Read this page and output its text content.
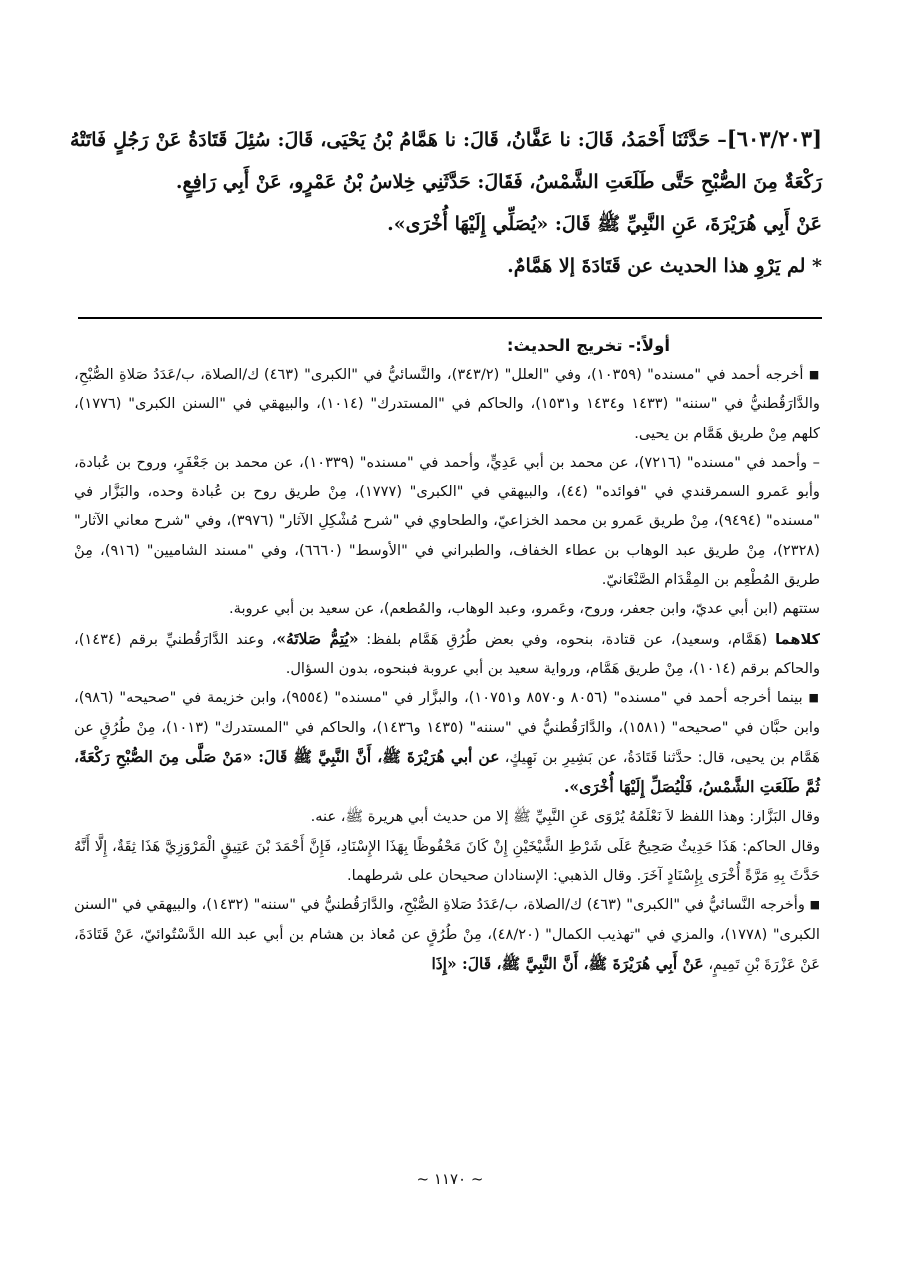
[٦٠٣/٢٠٣]– حَدَّثَنَا أَحْمَدُ، قَالَ: نا عَفَّانُ، قَالَ: نا هَمَّامُ بْنُ يَحْيَى، قَالَ: سُئِلَ قَتَادَةُ عَنْ رَجُلٍ فَاتَتْهُ رَكْعَةٌ مِنَ الصُّبْحِ حَتَّى طَلَعَتِ الشَّمْسُ، فَقَالَ: حَدَّثَنِي خِلاسُ بْنُ عَمْرٍو، عَنْ أَبِي رَافِعٍ.

عَنْ أَبِي هُرَيْرَةَ، عَنِ النَّبِيِّ ﷺ قَالَ: «يُصَلِّي إِلَيْهَا أُخْرَى».

* لم يَرْوِ هذا الحديث عن قَتَادَةَ إلا هَمَّامٌ.

أولاً:- تخريج الحديث:

■ أخرجه أحمد في "مسنده" (١٠٣٥٩)، وفي "العلل" (٣٤٣/٢)، والنَّسائيُّ في "الكبرى" (٤٦٣) ك/الصلاة، ب/عَدَدُ صَلاةِ الصُّبْحِ، والدَّارَقُطنيُّ في "سننه" (١٤٣٣ و١٤٣٤ و١٥٣١)، والحاكم في "المستدرك" (١٠١٤)، والبيهقي في "السنن الكبرى" (١٧٧٦)، كلهم مِنْ طريق هَمَّام بن يحيى.

– وأحمد في "مسنده" (٧٢١٦)، عن محمد بن أبي عَدِيٍّ، وأحمد في "مسنده" (١٠٣٣٩)، عن محمد بن جَعْفَرٍ، وروح بن عُبادة، وأبو عَمرو السمرقندي في "فوائده" (٤٤)، والبيهقي في "الكبرى" (١٧٧٧)، مِنْ طريق روح بن عُبادة وحده، والبَزَّار في "مسنده" (٩٤٩٤)، مِنْ طريق عَمرو بن محمد الخزاعيّ، والطحاوي في "شرح مُشْكِلِ الآثار" (٣٩٧٦)، وفي "شرح معاني الآثار" (٢٣٢٨)، مِنْ طريق عبد الوهاب بن عطاء الخفاف، والطبراني في "الأوسط" (٦٦٦٠)، وفي "مسند الشاميين" (٩١٦)، مِنْ طريق المُطْعِم بن المِقْدَام الصَّنْعَانيّ.

ستتهم (ابن أبي عديّ، وابن جعفر، وروح، وعَمرو، وعبد الوهاب، والمُطعم)، عن سعيد بن أبي عروبة.

كلاهما (هَمَّام، وسعيد)، عن قتادة، بنحوه، وفي بعض طُرُقِ هَمَّام بلفظ: «يُتِمُّ صَلاتَهُ»، وعند الدَّارَقُطنيِّ برقم (١٤٣٤)، والحاكم برقم (١٠١٤)، مِنْ طريق هَمَّام، ورواية سعيد بن أبي عروبة فبنحوه، بدون السؤال.

■ بينما أخرجه أحمد في "مسنده" (٨٠٥٦ و٨٥٧٠ و١٠٧٥١)، والبزَّار في "مسنده" (٩٥٥٤)، وابن خزيمة في "صحيحه" (٩٨٦)، وابن حبَّان في "صحيحه" (١٥٨١)، والدَّارَقُطنيُّ في "سننه" (١٤٣٥ و١٤٣٦)، والحاكم في "المستدرك" (١٠١٣)، مِنْ طُرُقٍ عن هَمَّام بن يحيى، قال: حدَّثنا قَتَادَةُ، عن بَشِيرِ بن نَهِيكٍ، عن أبي هُرَيْرَةَ ﷺ، أَنَّ النَّبِيَّ ﷺ قَالَ: «مَنْ صَلَّى مِنَ الصُّبْحِ رَكْعَةً، ثُمَّ طَلَعَتِ الشَّمْسُ، فَلْيُصَلِّ إِلَيْهَا أُخْرَى».

وقال البَزَّار: وهذا اللفظ لاَ نَعْلَمُهُ يُرْوَى عَنِ النَّبِيِّ ﷺ إلا من حديث أبي هريرة ﷺ، عنه.

وقال الحاكم: هَذَا حَدِيثٌ صَحِيحٌ عَلَى شَرْطِ الشَّيْخَيْنِ إِنْ كَانَ مَحْفُوظًا بِهَذَا الإِسْنَادِ، فَإِنَّ أَحْمَدَ بْنَ عَتِيقٍ الْمَرْوَزِيَّ هَذَا ثِقَةٌ، إِلَّا أَنَّهُ حَدَّثَ بِهِ مَرَّةً أُخْرَى بِإِسْنَادٍ آخَرَ. وقال الذهبي: الإسنادان صحيحان على شرطهما.

■ وأخرجه النَّسائيُّ في "الكبرى" (٤٦٣) ك/الصلاة، ب/عَدَدُ صَلاةِ الصُّبْحِ، والدَّارَقُطنيُّ في "سننه" (١٤٣٢)، والبيهقي في "السنن الكبرى" (١٧٧٨)، والمزي في "تهذيب الكمال" (٤٨/٢٠)، مِنْ طُرُقٍ عن مُعاذ بن هشام بن أبي عبد الله الدَّسْتُوائيّ، عَنْ قَتَادَةَ، عَنْ عَزْرَةَ بْنِ تَمِيمٍ، عَنْ أَبِي هُرَيْرَةَ ﷺ، أَنَّ النَّبِيَّ ﷺ، قَالَ: «إِذَا

~ ١١٧٠ ~
